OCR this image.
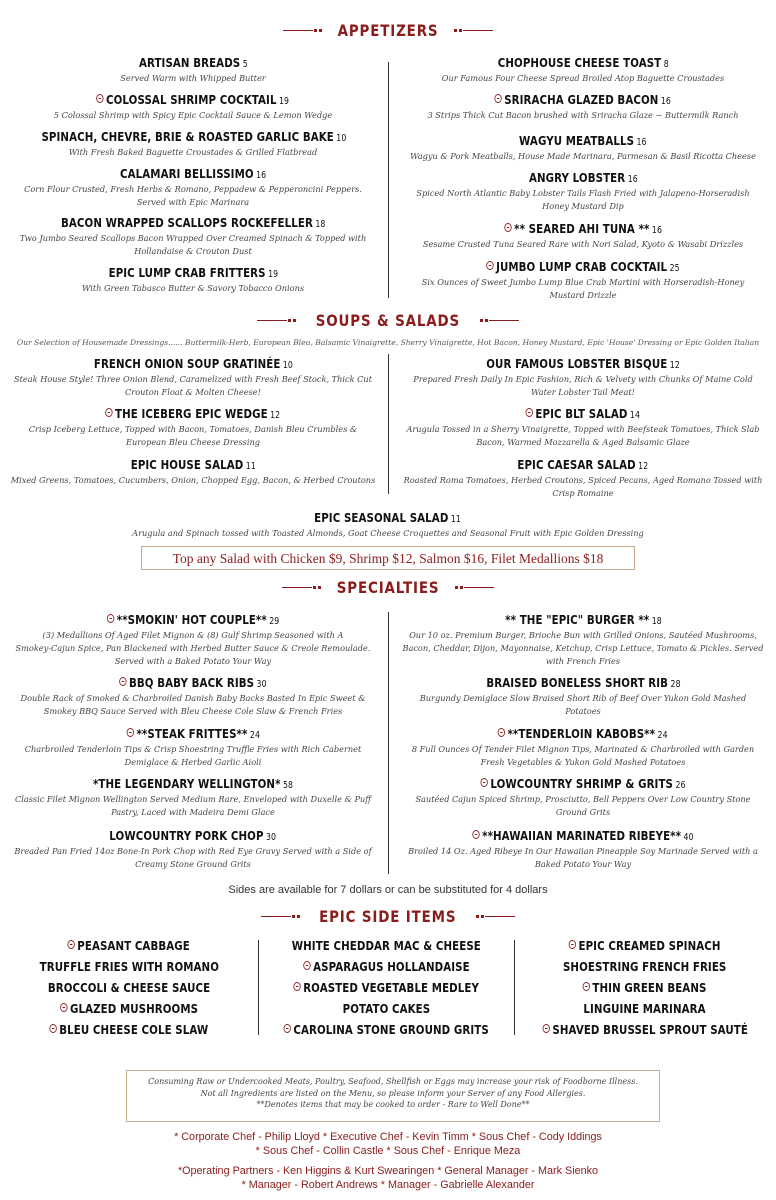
APPETIZERS
SOUPS & SALADS
SPECIALTIES
EPIC SIDE ITEMS
ARTISAN BREADS 5
Served Warm with Whipped Butter
COLOSSAL SHRIMP COCKTAIL 19
5 Colossal Shrimp with Spicy Epic Cocktail Sauce & Lemon Wedge
SPINACH, CHEVRE, BRIE & ROASTED GARLIC BAKE 10
With Fresh Baked Baguette Croustades & Grilled Flatbread
CALAMARI BELLISSIMO 16
Corn Flour Crusted, Fresh Herbs & Romano, Peppadew & Pepperoncini Peppers.
Served with Epic Marinara
BACON WRAPPED SCALLOPS ROCKEFELLER 18
Two Jumbo Seared Scallops Bacon Wrapped Over Creamed Spinach & Topped with
Hollandaise & Crouton Dust
EPIC LUMP CRAB FRITTERS 19
With Green Tabasco Butter & Savory Tobacco Onions
CHOPHOUSE CHEESE TOAST 8
Our Famous Four Cheese Spread Broiled Atop Baguette Croustades
SRIRACHA GLAZED BACON 16
3 Strips Thick Cut Bacon brushed with Sriracha Glaze ~ Buttermilk Ranch
WAGYU MEATBALLS 16
Wagyu & Pork Meatballs, House Made Marinara, Parmesan & Basil Ricotta Cheese
ANGRY LOBSTER 16
Spiced North Atlantic Baby Lobster Tails Flash Fried with Jalapeno-Horseradish
Honey Mustard Dip
** SEARED AHI TUNA ** 16
Sesame Crusted Tuna Seared Rare with Nori Salad, Kyoto & Wasabi Drizzles
JUMBO LUMP CRAB COCKTAIL 25
Six Ounces of Sweet Jumbo Lump Blue Crab Martini with Horseradish-Honey
Mustard Drizzle
Our Selection of Housemade Dressings...... Buttermilk-Herb, European Bleu, Balsamic Vinaigrette, Sherry Vinaigrette, Hot Bacon, Honey Mustard, Epic 'House' Dressing or Epic Golden Italian
FRENCH ONION SOUP GRATINÉE 10
Steak House Style! Three Onion Blend, Caramelized with Fresh Beef Stock, Thick Cut
Crouton Float & Molten Cheese!
THE ICEBERG EPIC WEDGE 12
Crisp Iceberg Lettuce, Topped with Bacon, Tomatoes, Danish Bleu Crumbles &
European Bleu Cheese Dressing
EPIC HOUSE SALAD 11
Mixed Greens, Tomatoes, Cucumbers, Onion, Chopped Egg, Bacon, & Herbed Croutons
OUR FAMOUS LOBSTER BISQUE 12
Prepared Fresh Daily In Epic Fashion, Rich & Velvety with Chunks Of Maine Cold
Water Lobster Tail Meat!
EPIC BLT SALAD 14
Arugula Tossed in a Sherry Vinaigrette, Topped with Beefsteak Tomatoes, Thick Slab
Bacon, Warmed Mozzarella & Aged Balsamic Glaze
EPIC CAESAR SALAD 12
Roasted Roma Tomatoes, Herbed Croutons, Spiced Pecans, Aged Romano Tossed with
Crisp Romaine
EPIC SEASONAL SALAD 11
Arugula and Spinach tossed with Toasted Almonds, Goat Cheese Croquettes and Seasonal Fruit with Epic Golden Dressing
Top any Salad with Chicken $9, Shrimp $12, Salmon $16, Filet Medallions $18
**SMOKIN' HOT COUPLE** 29
(3) Medallions Of Aged Filet Mignon & (8) Gulf Shrimp Seasoned with A
Smokey-Cajun Spice, Pan Blackened with Herbed Butter Sauce & Creole Remoulade.
Served with a Baked Potato Your Way
BBQ BABY BACK RIBS 30
Double Rack of Smoked & Charbroiled Danish Baby Backs Basted In Epic Sweet &
Smokey BBQ Sauce Served with Bleu Cheese Cole Slaw & French Fries
**STEAK FRITTES** 24
Charbroiled Tenderloin Tips & Crisp Shoestring Truffle Fries with Rich Cabernet
Demiglace & Herbed Garlic Aioli
*THE LEGENDARY WELLINGTON* 58
Classic Filet Mignon Wellington Served Medium Rare, Enveloped with Duxelle & Puff
Pastry, Laced with Madeira Demi Glace
LOWCOUNTRY PORK CHOP 30
Breaded Pan Fried 14oz Bone-In Pork Chop with Red Eye Gravy Served with a Side of
Creamy Stone Ground Grits
** THE "EPIC" BURGER ** 18
Our 10 oz. Premium Burger, Brioche Bun with Grilled Onions, Sautéed Mushrooms,
Bacon, Cheddar, Dijon, Mayonnaise, Ketchup, Crisp Lettuce, Tomato & Pickles. Served
with French Fries
BRAISED BONELESS SHORT RIB 28
Burgundy Demiglace Slow Braised Short Rib of Beef Over Yukon Gold Mashed
Potatoes
**TENDERLOIN KABOBS** 24
8 Full Ounces Of Tender Filet Mignon Tips, Marinated & Charbroiled with Garden
Fresh Vegetables & Yukon Gold Mashed Potatoes
LOWCOUNTRY SHRIMP & GRITS 26
Sautéed Cajun Spiced Shrimp, Prosciutto, Bell Peppers Over Low Country Stone
Ground Grits
**HAWAIIAN MARINATED RIBEYE** 40
Broiled 14 Oz. Aged Ribeye In Our Hawaiian Pineapple Soy Marinade Served with a
Baked Potato Your Way
Sides are available for 7 dollars or can be substituted for 4 dollars
PEASANT CABBAGE
TRUFFLE FRIES WITH ROMANO
BROCCOLI & CHEESE SAUCE
GLAZED MUSHROOMS
BLEU CHEESE COLE SLAW
WHITE CHEDDAR MAC & CHEESE
ASPARAGUS HOLLANDAISE
ROASTED VEGETABLE MEDLEY
POTATO CAKES
CAROLINA STONE GROUND GRITS
EPIC CREAMED SPINACH
SHOESTRING FRENCH FRIES
THIN GREEN BEANS
LINGUINE MARINARA
SHAVED BRUSSEL SPROUT SAUTÉ
Consuming Raw or Undercooked Meats, Poultry, Seafood, Shellfish or Eggs may increase your risk of Foodborne Illness.
Not all Ingredients are listed on the Menu, so please inform your Server of any Food Allergies.
**Denotes items that may be cooked to order - Rare to Well Done**
* Corporate Chef - Philip Lloyd * Executive Chef - Kevin Timm * Sous Chef - Cody Iddings
* Sous Chef - Collin Castle * Sous Chef - Enrique Meza
*Operating Partners - Ken Higgins & Kurt Swearingen * General Manager - Mark Sienko
* Manager - Robert Andrews * Manager - Gabrielle Alexander
